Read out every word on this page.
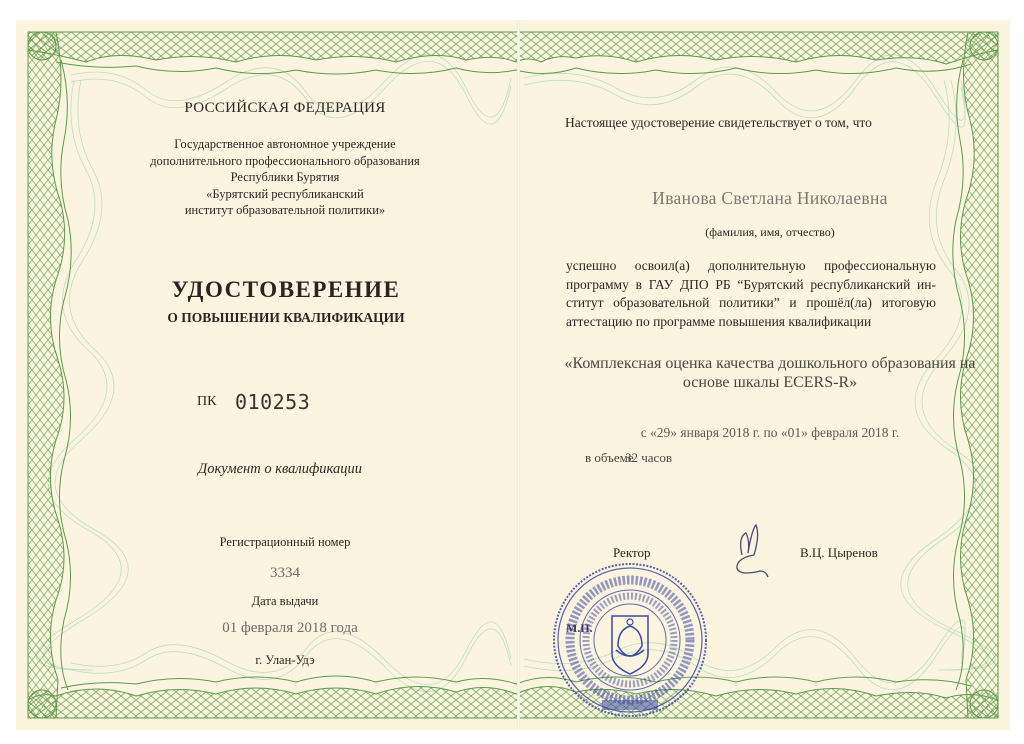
РОССИЙСКАЯ ФЕДЕРАЦИЯ
Государственное автономное учреждение
дополнительного профессионального образования
Республики Бурятия
«Бурятский республиканский
институт образовательной политики»
УДОСТОВЕРЕНИЕ
О ПОВЫШЕНИИ КВАЛИФИКАЦИИ
ПК 010253
Документ о квалификации
Регистрационный номер
3334
Дата выдачи
01 февраля 2018 года
г. Улан-Удэ
Настоящее удостоверение свидетельствует о том, что
Иванова Светлана Николаевна
(фамилия, имя, отчество)
успешно освоил(а) дополнительную профессиональную программу в ГАУ ДПО РБ “Бурятский республиканский ин-ститут образовательной политики” и прошёл(ла) итоговую аттестацию по программе повышения квалификации
«Комплексная оценка качества дошкольного образования на основе шкалы ECERS-R»
с «29» января 2018 г. по «01» февраля 2018 г.
в объеме
32 часов
Ректор	В.Ц. Цыренов
М.П.
